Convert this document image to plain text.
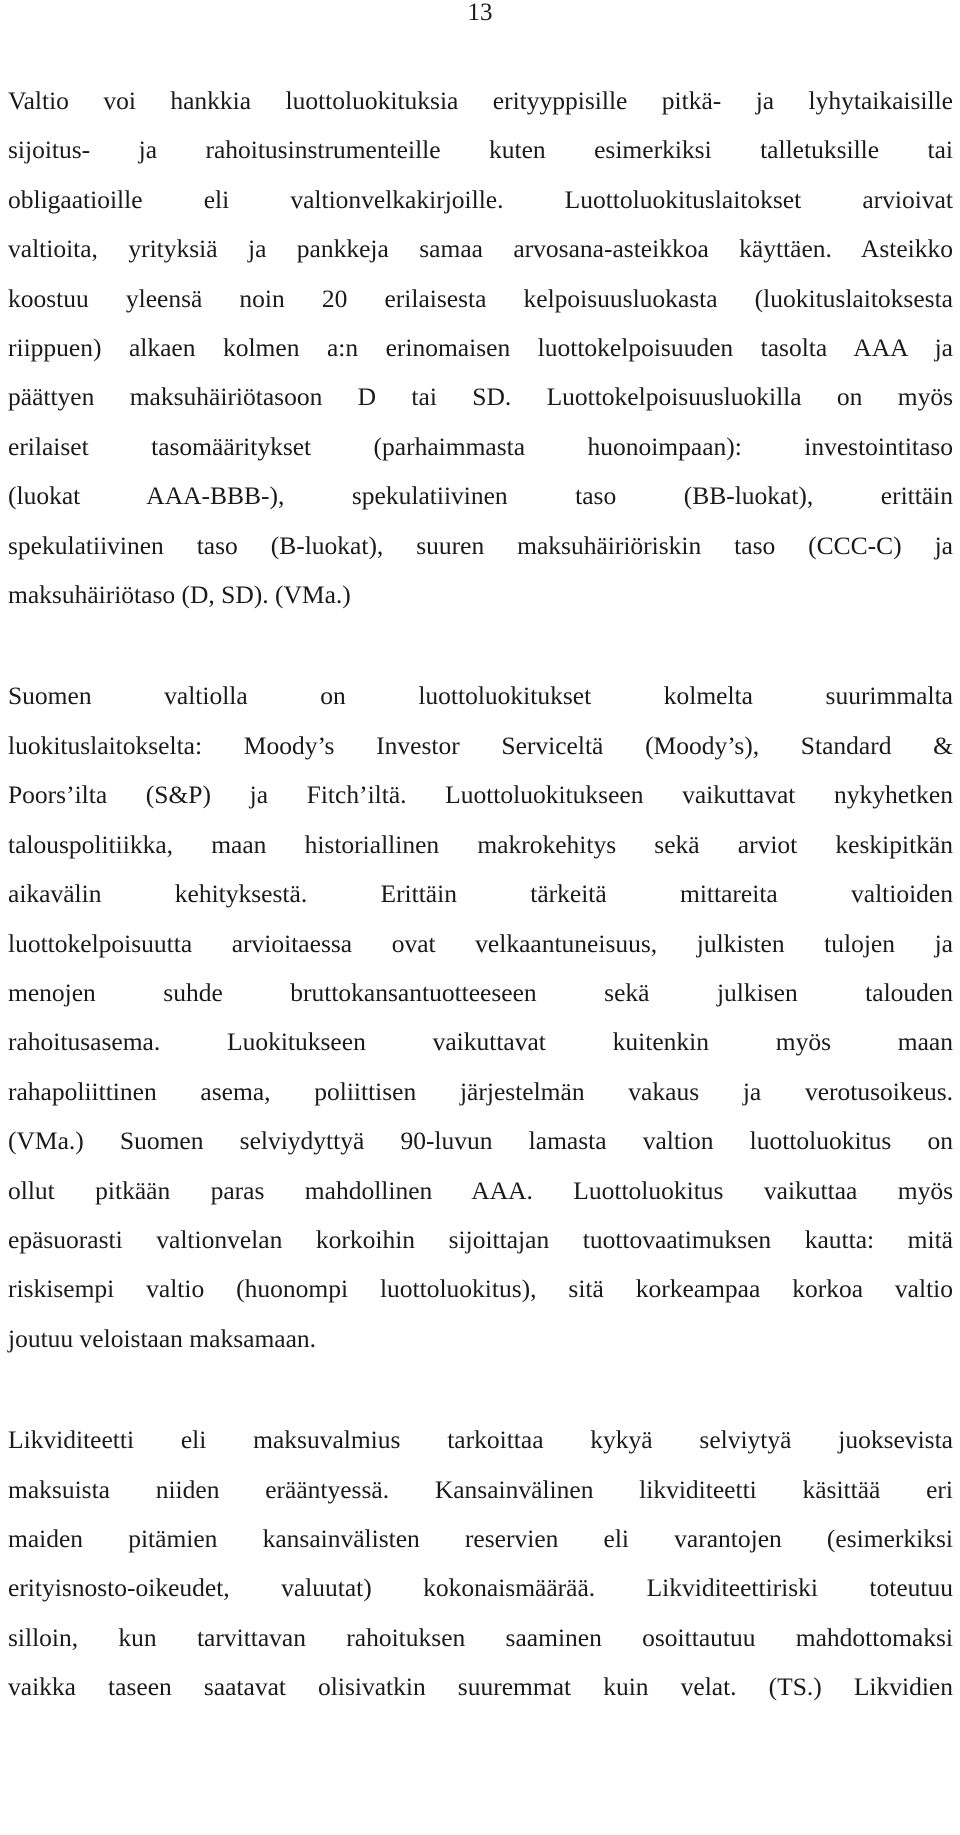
13
Valtio voi hankkia luottoluokituksia erityyppisille pitkä- ja lyhytaikaisille
sijoitus- ja rahoitusinstrumenteille kuten esimerkiksi talletuksille tai
obligaatioille eli valtionvelkakirjoille. Luottoluokituslaitokset arvioivat
valtioita, yrityksiä ja pankkeja samaa arvosana-asteikkoa käyttäen. Asteikko
koostuu yleensä noin 20 erilaisesta kelpoisuusluokasta (luokituslaitoksesta
riippuen) alkaen kolmen a:n erinomaisen luottokelpoisuuden tasolta AAA ja
päättyen maksuhäiriötasoon D tai SD. Luottokelpoisuusluokilla on myös
erilaiset tasomääritykset (parhaimmasta huonoimpaan): investointitaso
(luokat AAA-BBB-), spekulatiivinen taso (BB-luokat), erittäin
spekulatiivinen taso (B-luokat), suuren maksuhäiriöriskin taso (CCC-C) ja
maksuhäiriötaso (D, SD). (VMa.)
Suomen valtiolla on luottoluokitukset kolmelta suurimmalta
luokituslaitokselta: Moody’s Investor Serviceltä (Moody’s), Standard &
Poors’ilta (S&P) ja Fitch’iltä. Luottoluokitukseen vaikuttavat nykyhetken
talouspolitiikka, maan historiallinen makrokehitys sekä arviot keskipitkän
aikavälin kehityksestä. Erittäin tärkeitä mittareita valtioiden
luottokelpoisuutta arvioitaessa ovat velkaantuneisuus, julkisten tulojen ja
menojen suhde bruttokansantuotteeseen sekä julkisen talouden
rahoitusasema. Luokitukseen vaikuttavat kuitenkin myös maan
rahapoliittinen asema, poliittisen järjestelmän vakaus ja verotusoikeus.
(VMa.) Suomen selviydyttyä 90-luvun lamasta valtion luottoluokitus on
ollut pitkään paras mahdollinen AAA. Luottoluokitus vaikuttaa myös
epäsuorasti valtionvelan korkoihin sijoittajan tuottovaatimuksen kautta: mitä
riskisempi valtio (huonompi luottoluokitus), sitä korkeampaa korkoa valtio
joutuu veloistaan maksamaan.
Likviditeetti eli maksuvalmius tarkoittaa kykyä selviytyä juoksevista
maksuista niiden erääntyessä. Kansainvälinen likviditeetti käsittää eri
maiden pitämien kansainvälisten reservien eli varantojen (esimerkiksi
erityisnosto-oikeudet, valuutat) kokonaismäärää. Likviditeettiriski toteutuu
silloin, kun tarvittavan rahoituksen saaminen osoittautuu mahdottomaksi
vaikka taseen saatavat olisivatkin suuremmat kuin velat. (TS.) Likvidien
